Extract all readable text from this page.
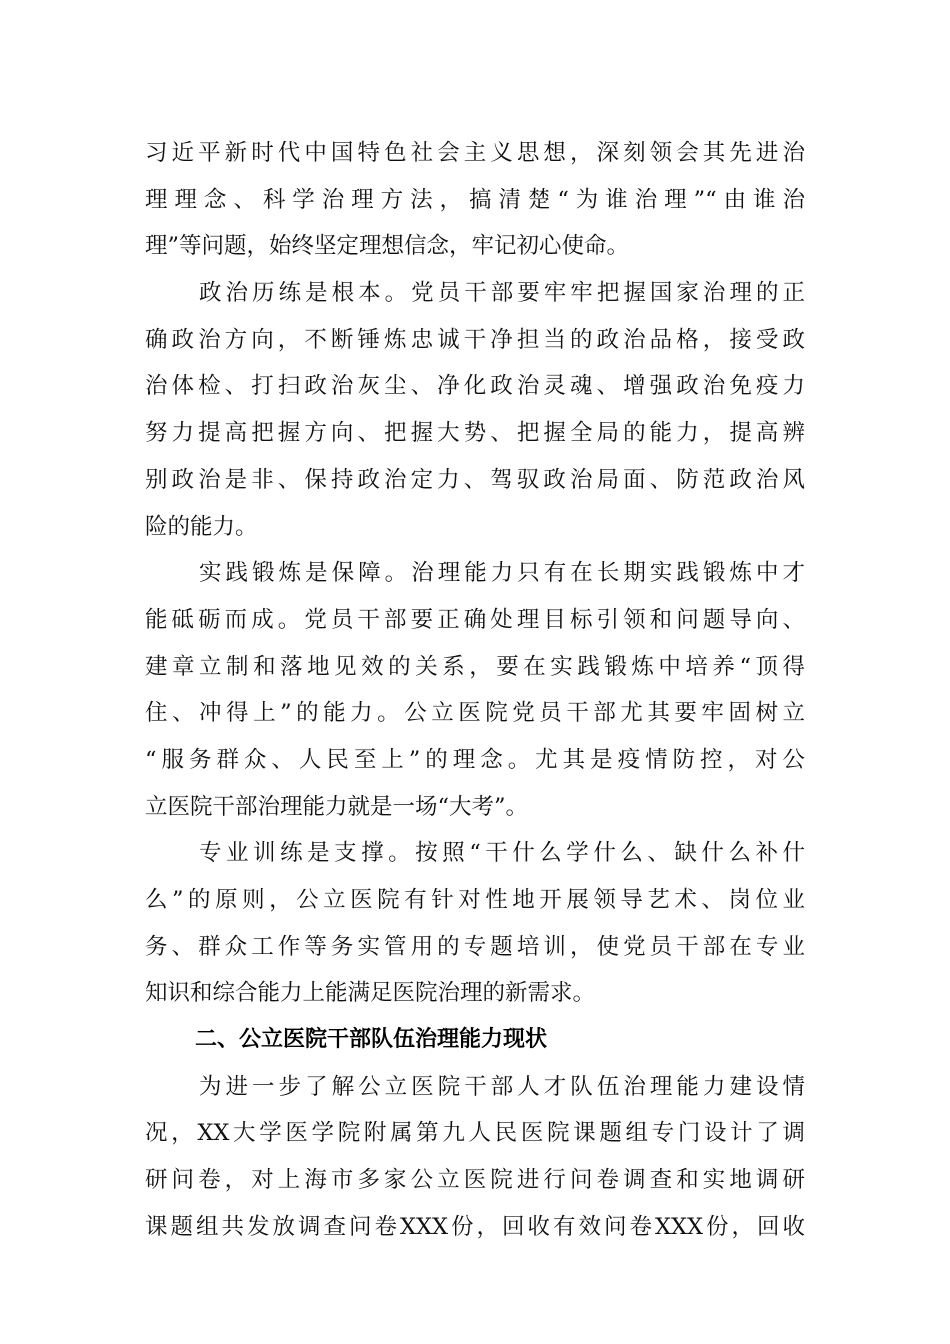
习近平新时代中国特色社会主义思想，深刻领会其先进治
理理念、科学治理方法，搞清楚“为谁治理”“由谁治
理”等问题，始终坚定理想信念，牢记初心使命。
政治历练是根本。党员干部要牢牢把握国家治理的正
确政治方向，不断锤炼忠诚干净担当的政治品格，接受政
治体检、打扫政治灰尘、净化政治灵魂、增强政治免疫力
努力提高把握方向、把握大势、把握全局的能力，提高辨
别政治是非、保持政治定力、驾驭政治局面、防范政治风
险的能力。
实践锻炼是保障。治理能力只有在长期实践锻炼中才
能砥砺而成。党员干部要正确处理目标引领和问题导向、
建章立制和落地见效的关系，要在实践锻炼中培养“顶得
住、冲得上”的能力。公立医院党员干部尤其要牢固树立
“服务群众、人民至上”的理念。尤其是疫情防控，对公
立医院干部治理能力就是一场“大考”。
专业训练是支撑。按照“干什么学什么、缺什么补什
么”的原则，公立医院有针对性地开展领导艺术、岗位业
务、群众工作等务实管用的专题培训，使党员干部在专业
知识和综合能力上能满足医院治理的新需求。
二、公立医院干部队伍治理能力现状
为进一步了解公立医院干部人才队伍治理能力建设情
况，XX大学医学院附属第九人民医院课题组专门设计了调
研问卷，对上海市多家公立医院进行问卷调查和实地调研
课题组共发放调查问卷XXX份，回收有效问卷XXX份，回收
